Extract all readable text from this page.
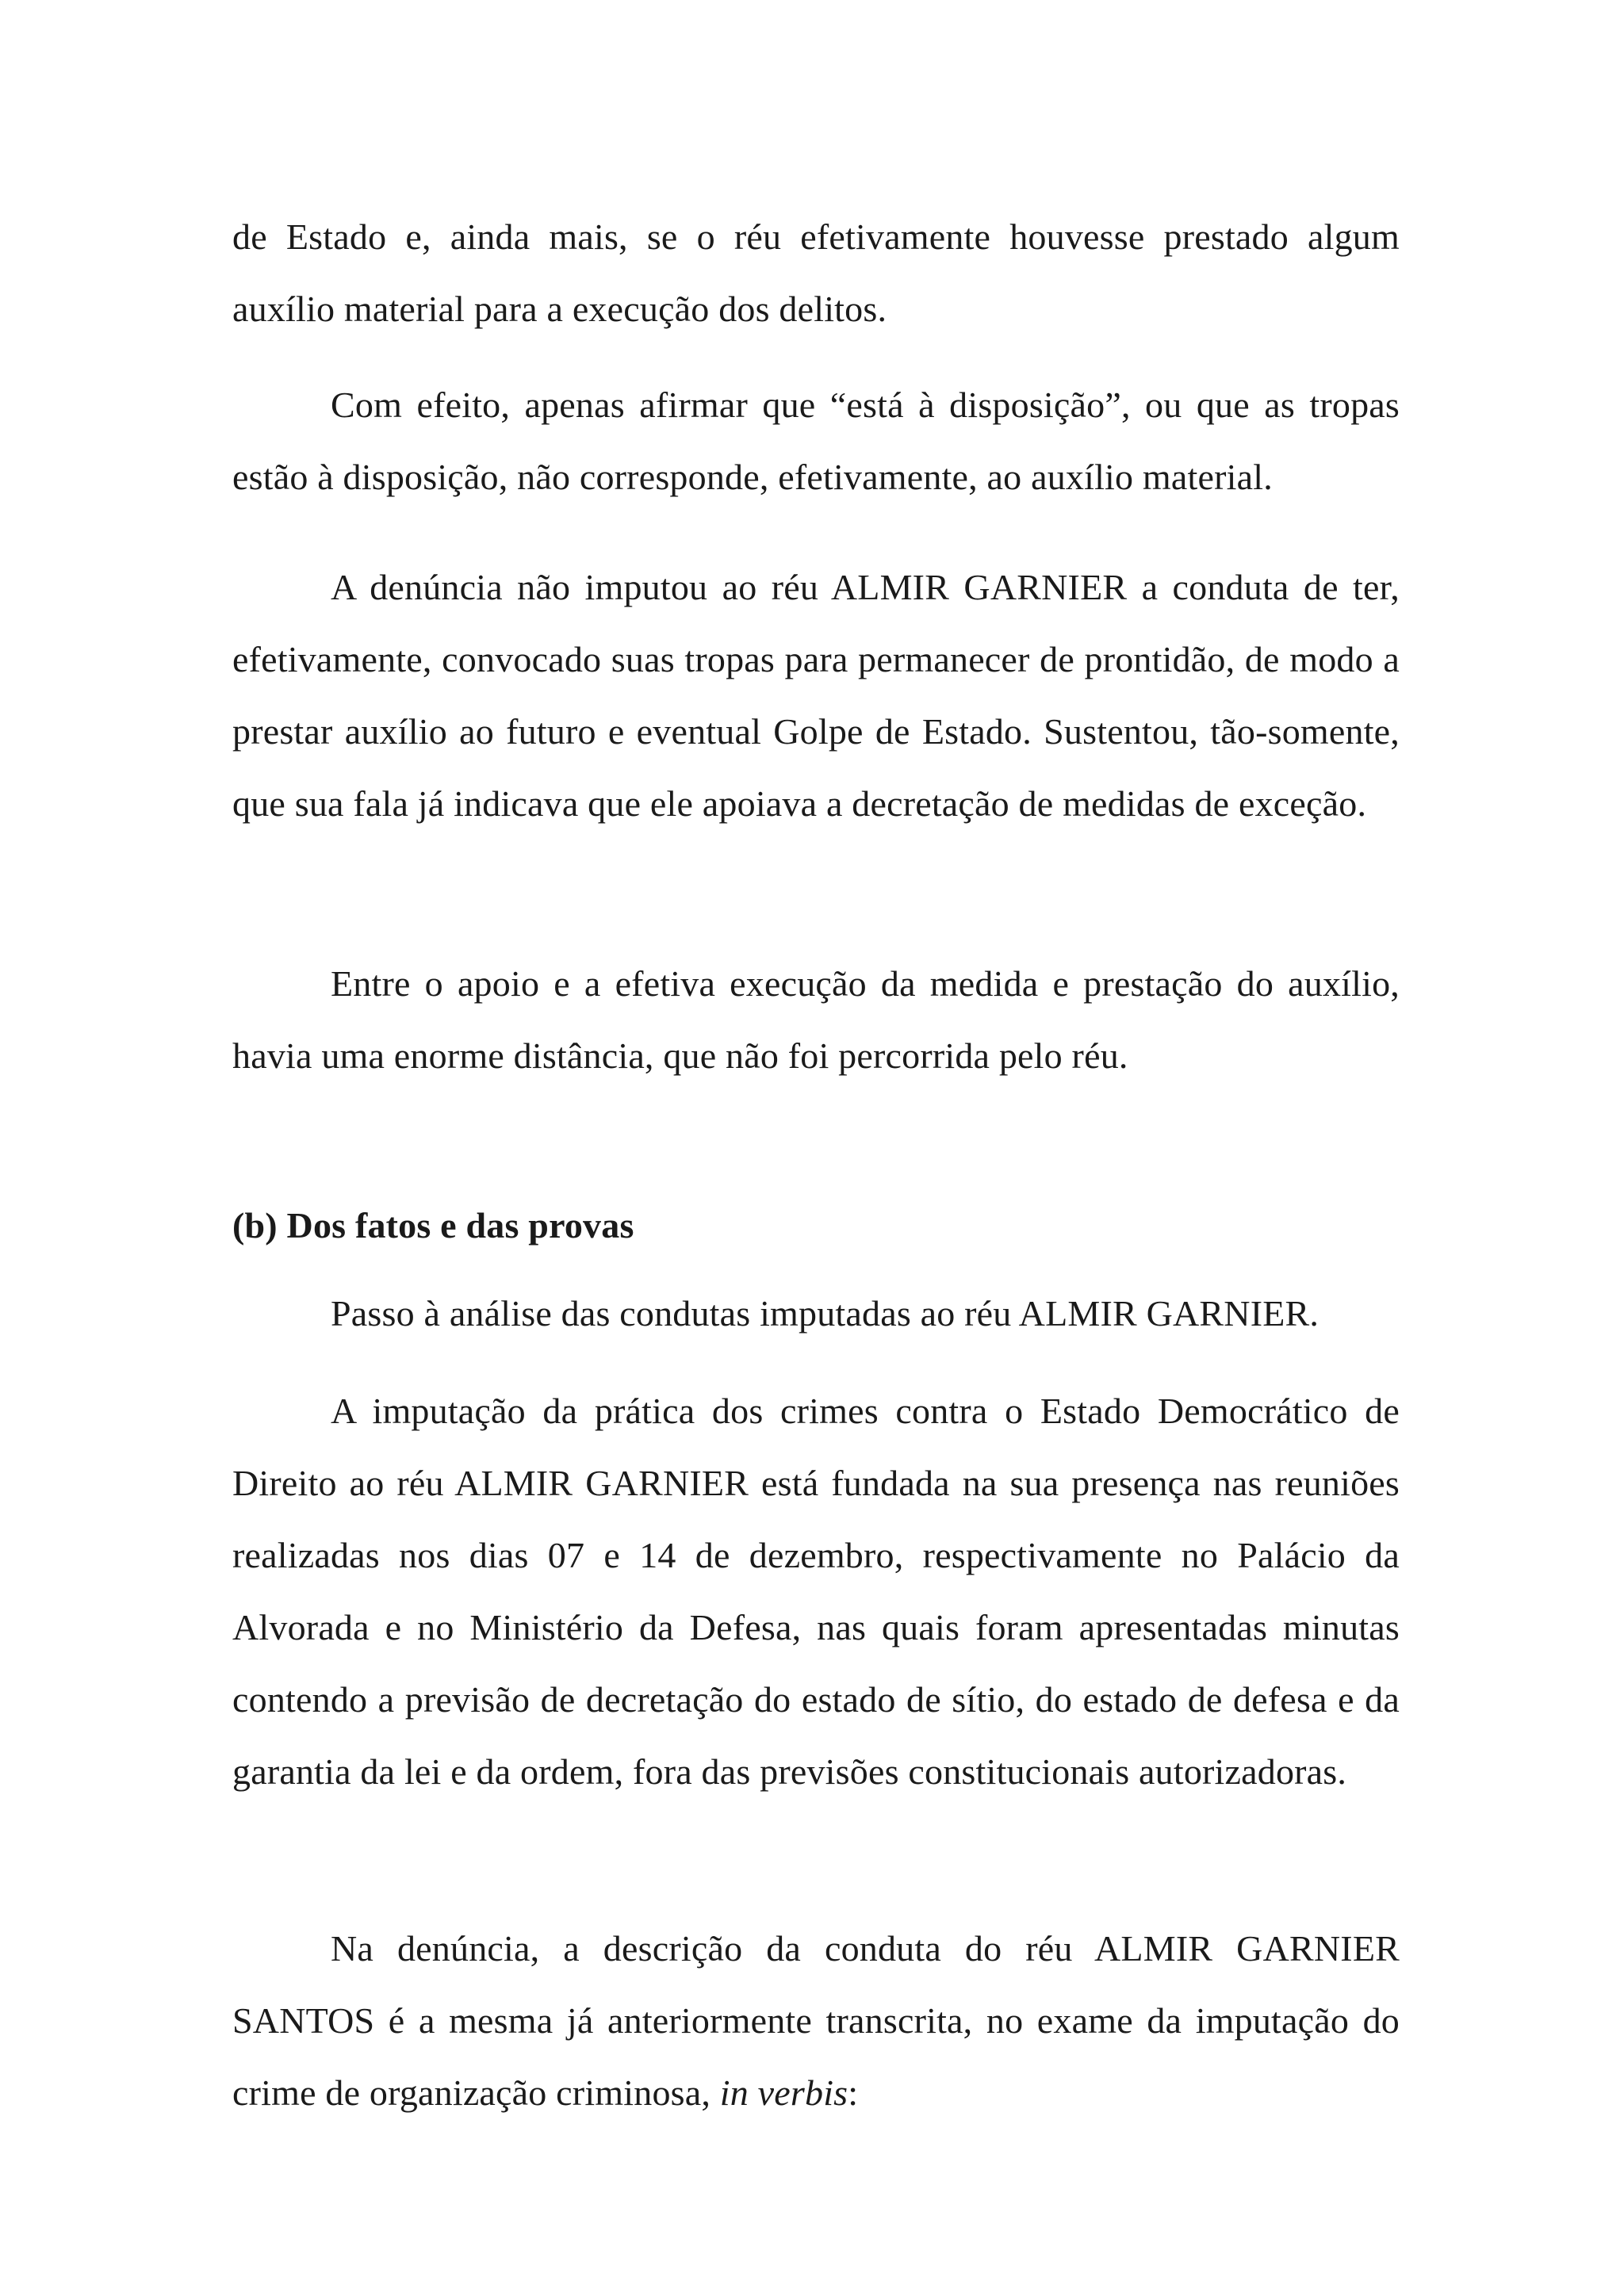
de Estado e, ainda mais, se o réu efetivamente houvesse prestado algum auxílio material para a execução dos delitos.

Com efeito, apenas afirmar que “está à disposição”, ou que as tropas estão à disposição, não corresponde, efetivamente, ao auxílio material.

A denúncia não imputou ao réu ALMIR GARNIER a conduta de ter, efetivamente, convocado suas tropas para permanecer de prontidão, de modo a prestar auxílio ao futuro e eventual Golpe de Estado. Sustentou, tão-somente, que sua fala já indicava que ele apoiava a decretação de medidas de exceção.

Entre o apoio e a efetiva execução da medida e prestação do auxílio, havia uma enorme distância, que não foi percorrida pelo réu.

(b) Dos fatos e das provas

Passo à análise das condutas imputadas ao réu ALMIR GARNIER.

A imputação da prática dos crimes contra o Estado Democrático de Direito ao réu ALMIR GARNIER está fundada na sua presença nas reuniões realizadas nos dias 07 e 14 de dezembro, respectivamente no Palácio da Alvorada e no Ministério da Defesa, nas quais foram apresentadas minutas contendo a previsão de decretação do estado de sítio, do estado de defesa e da garantia da lei e da ordem, fora das previsões constitucionais autorizadoras.

Na denúncia, a descrição da conduta do réu ALMIR GARNIER SANTOS é a mesma já anteriormente transcrita, no exame da imputação do crime de organização criminosa, in verbis:
